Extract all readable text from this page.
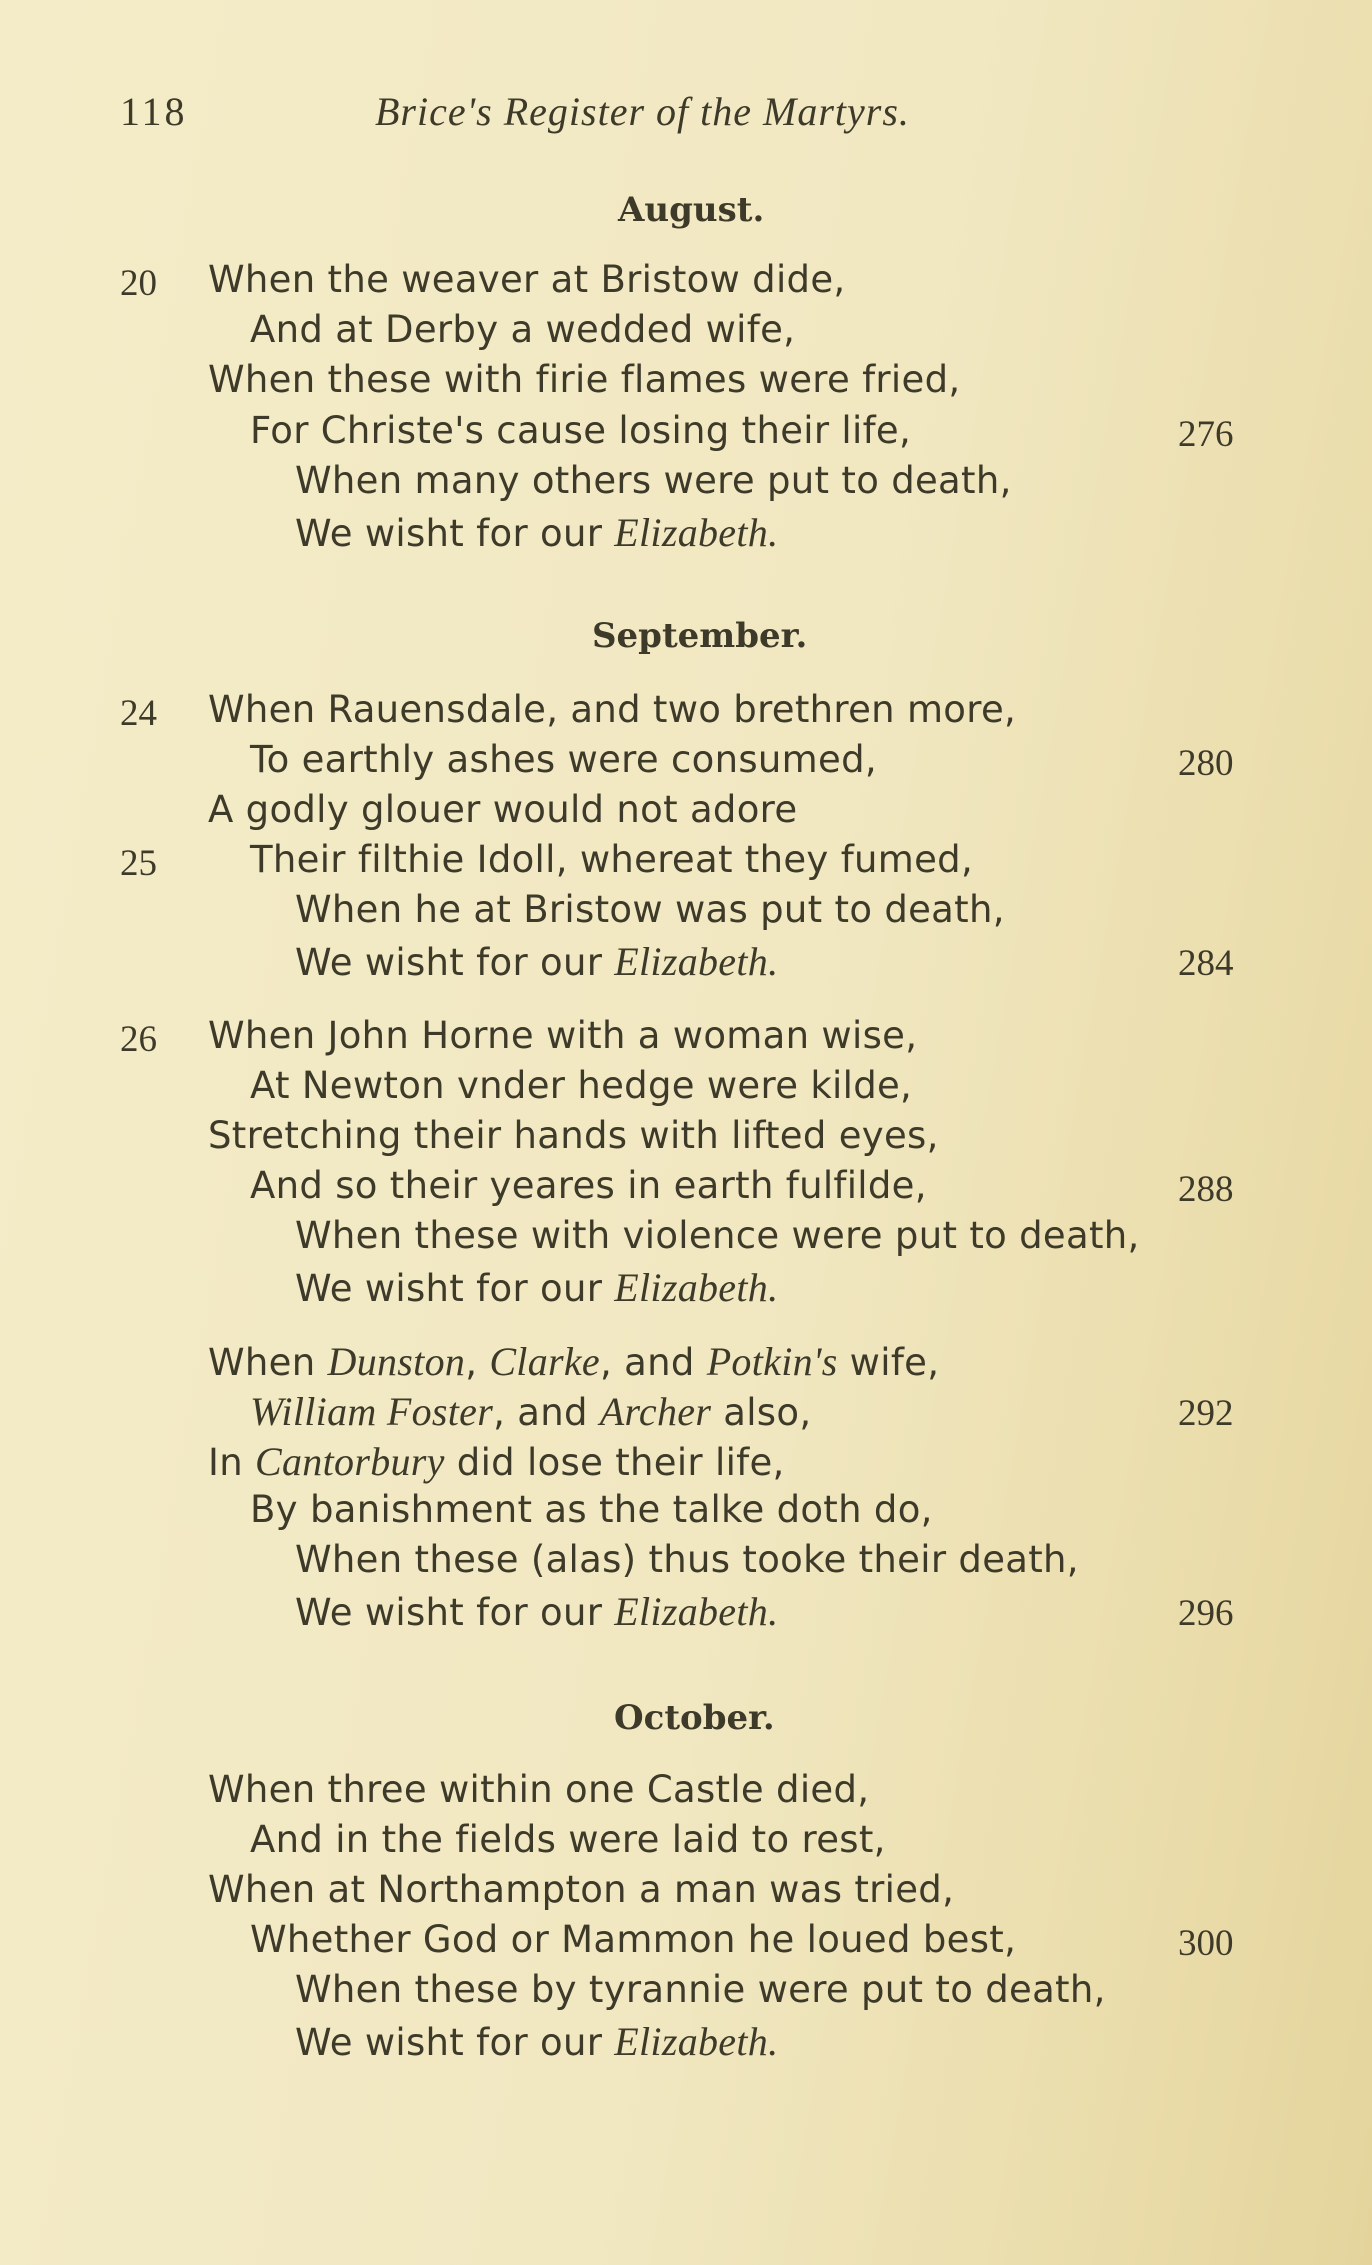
118	Brice's Register of the Martyrs.
August.
20 When the weaver at Bristow dide,
And at Derby a wedded wife,
When these with firie flames were fried,
For Christe's cause losing their life,	276
When many others were put to death,
We wisht for our Elizabeth.
September.
24 When Rauensdale, and two brethren more,
To earthly ashes were consumed,	280
A godly glouer would not adore
25	Their filthie Idoll, whereat they fumed,
When he at Bristow was put to death,
We wisht for our Elizabeth.	284
26 When John Horne with a woman wise,
At Newton vnder hedge were kilde,
Stretching their hands with lifted eyes,
And so their yeares in earth fulfilde,	288
When these with violence were put to death,
We wisht for our Elizabeth.
When Dunston, Clarke, and Potkin's wife,
William Foster, and Archer also,	292
In Cantorbury did lose their life,
By banishment as the talke doth do,
When these (alas) thus tooke their death,
We wisht for our Elizabeth.	296
October.
When three within one Castle died,
And in the fields were laid to rest,
When at Northampton a man was tried,
Whether God or Mammon he loued best,	300
When these by tyrannie were put to death,
We wisht for our Elizabeth.
